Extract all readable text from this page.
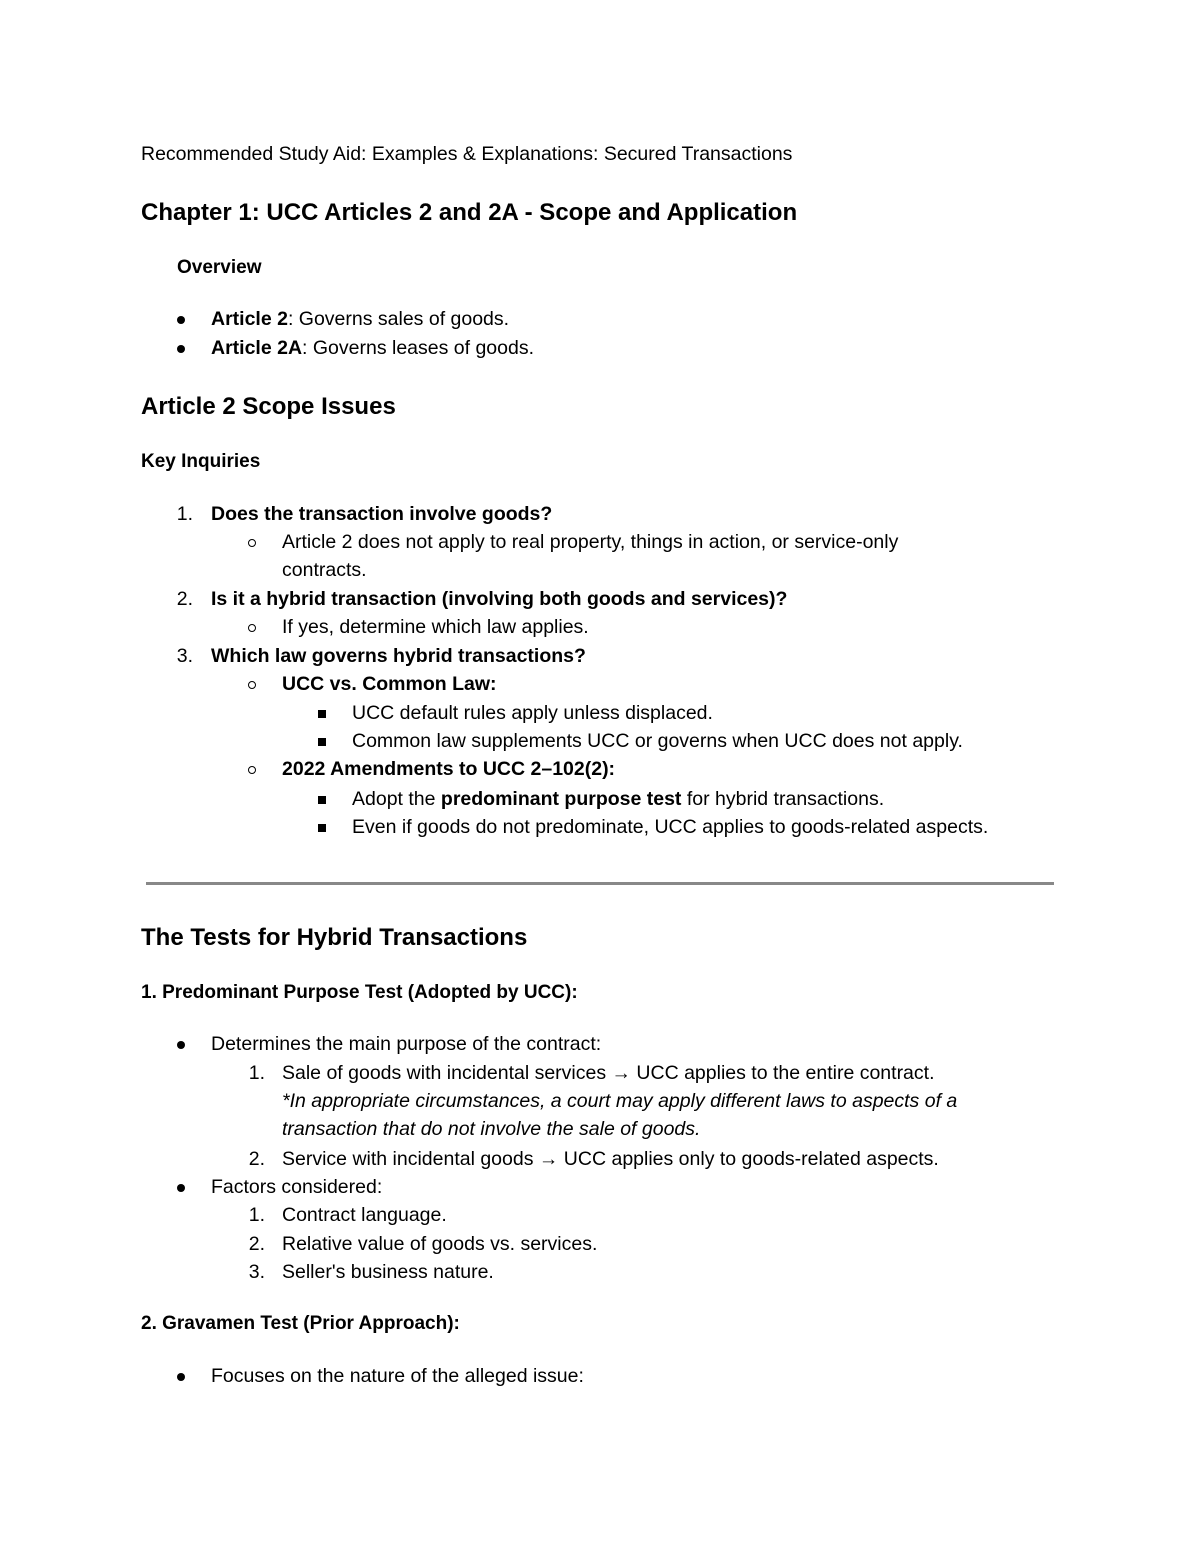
Recommended Study Aid: Examples & Explanations: Secured Transactions
Chapter 1: UCC Articles 2 and 2A - Scope and Application
Overview
Article 2: Governs sales of goods.
Article 2A: Governs leases of goods.
Article 2 Scope Issues
Key Inquiries
1. Does the transaction involve goods?
Article 2 does not apply to real property, things in action, or service-only
contracts.
2. Is it a hybrid transaction (involving both goods and services)?
If yes, determine which law applies.
3. Which law governs hybrid transactions?
UCC vs. Common Law:
UCC default rules apply unless displaced.
Common law supplements UCC or governs when UCC does not apply.
2022 Amendments to UCC 2–102(2):
Adopt the predominant purpose test for hybrid transactions.
Even if goods do not predominate, UCC applies to goods-related aspects.
The Tests for Hybrid Transactions
1. Predominant Purpose Test (Adopted by UCC):
Determines the main purpose of the contract:
1. Sale of goods with incidental services → UCC applies to the entire contract.
*In appropriate circumstances, a court may apply different laws to aspects of a
transaction that do not involve the sale of goods.
2. Service with incidental goods → UCC applies only to goods-related aspects.
Factors considered:
1. Contract language.
2. Relative value of goods vs. services.
3. Seller's business nature.
2. Gravamen Test (Prior Approach):
Focuses on the nature of the alleged issue:
